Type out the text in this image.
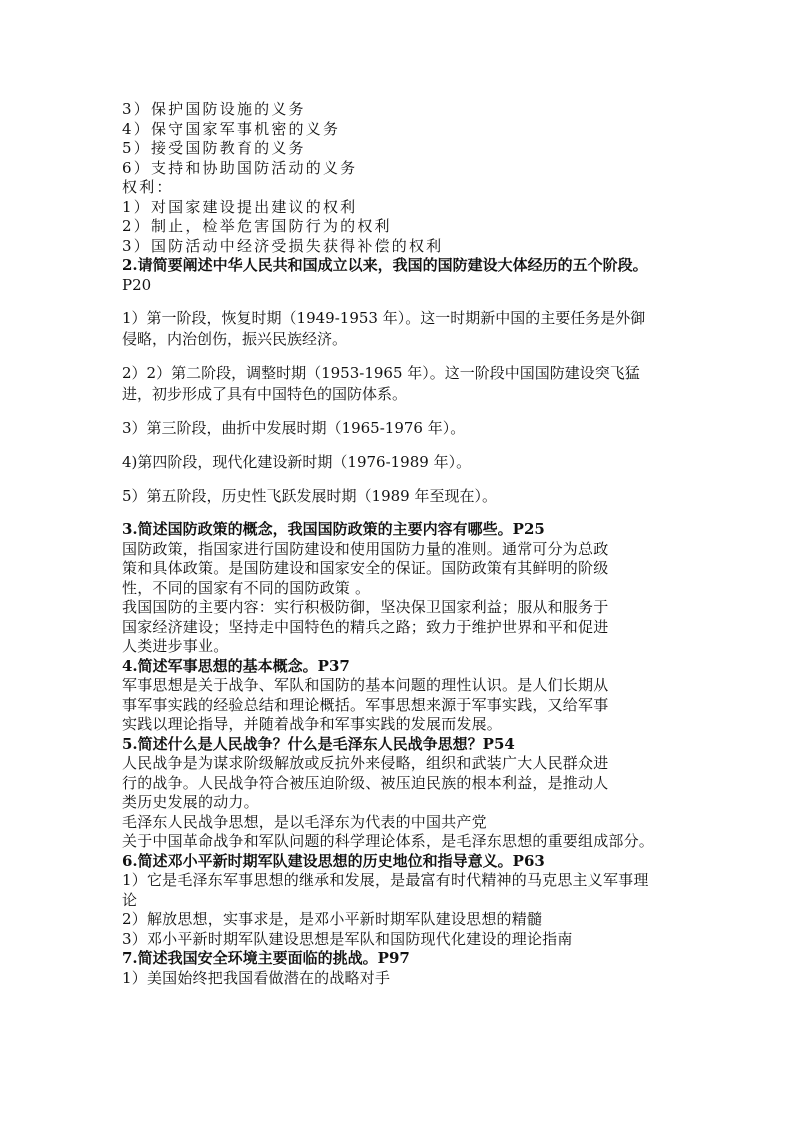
3）保护国防设施的义务
4）保守国家军事机密的义务
5）接受国防教育的义务
6）支持和协助国防活动的义务
权利：
1）对国家建设提出建议的权利
2）制止，检举危害国防行为的权利
3）国防活动中经济受损失获得补偿的权利
2.请简要阐述中华人民共和国成立以来，我国的国防建设大体经历的五个阶段。
P20
1）第一阶段，恢复时期（1949-1953 年）。这一时期新中国的主要任务是外御
侵略，内治创伤，振兴民族经济。
2）2）第二阶段，调整时期（1953-1965 年）。这一阶段中国国防建设突飞猛
进，初步形成了具有中国特色的国防体系。
3）第三阶段，曲折中发展时期（1965-1976 年）。
4)第四阶段，现代化建设新时期（1976-1989 年）。
5）第五阶段，历史性飞跃发展时期（1989 年至现在）。
3.简述国防政策的概念，我国国防政策的主要内容有哪些。P25
国防政策，指国家进行国防建设和使用国防力量的准则。通常可分为总政
策和具体政策。是国防建设和国家安全的保证。国防政策有其鲜明的阶级
性，不同的国家有不同的国防政策 。
我国国防的主要内容：实行积极防御，坚决保卫国家利益；服从和服务于
国家经济建设；坚持走中国特色的精兵之路；致力于维护世界和平和促进
人类进步事业。
4.简述军事思想的基本概念。P37
军事思想是关于战争、军队和国防的基本问题的理性认识。是人们长期从
事军事实践的经验总结和理论概括。军事思想来源于军事实践，又给军事
实践以理论指导，并随着战争和军事实践的发展而发展。
5.简述什么是人民战争？什么是毛泽东人民战争思想？P54
人民战争是为谋求阶级解放或反抗外来侵略，组织和武装广大人民群众进
行的战争。人民战争符合被压迫阶级、被压迫民族的根本利益，是推动人
类历史发展的动力。
毛泽东人民战争思想，是以毛泽东为代表的中国共产党
关于中国革命战争和军队问题的科学理论体系，是毛泽东思想的重要组成部分。
6.简述邓小平新时期军队建设思想的历史地位和指导意义。P63
1）它是毛泽东军事思想的继承和发展，是最富有时代精神的马克思主义军事理
论
2）解放思想，实事求是，是邓小平新时期军队建设思想的精髓
3）邓小平新时期军队建设思想是军队和国防现代化建设的理论指南
7.简述我国安全环境主要面临的挑战。P97
1）美国始终把我国看做潜在的战略对手
